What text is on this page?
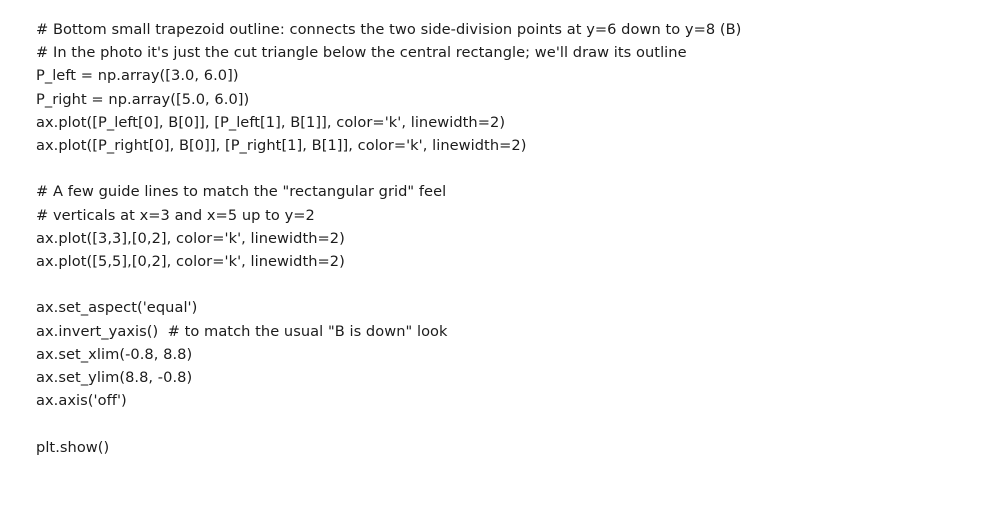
# Bottom small trapezoid outline: connects the two side-division points at y=6 down to y=8 (B)
# In the photo it's just the cut triangle below the central rectangle; we'll draw its outline
P_left = np.array([3.0, 6.0])
P_right = np.array([5.0, 6.0])
ax.plot([P_left[0], B[0]], [P_left[1], B[1]], color='k', linewidth=2)
ax.plot([P_right[0], B[0]], [P_right[1], B[1]], color='k', linewidth=2)

# A few guide lines to match the "rectangular grid" feel
# verticals at x=3 and x=5 up to y=2
ax.plot([3,3],[0,2], color='k', linewidth=2)
ax.plot([5,5],[0,2], color='k', linewidth=2)

ax.set_aspect('equal')
ax.invert_yaxis()  # to match the usual "B is down" look
ax.set_xlim(-0.8, 8.8)
ax.set_ylim(8.8, -0.8)
ax.axis('off')

plt.show()
